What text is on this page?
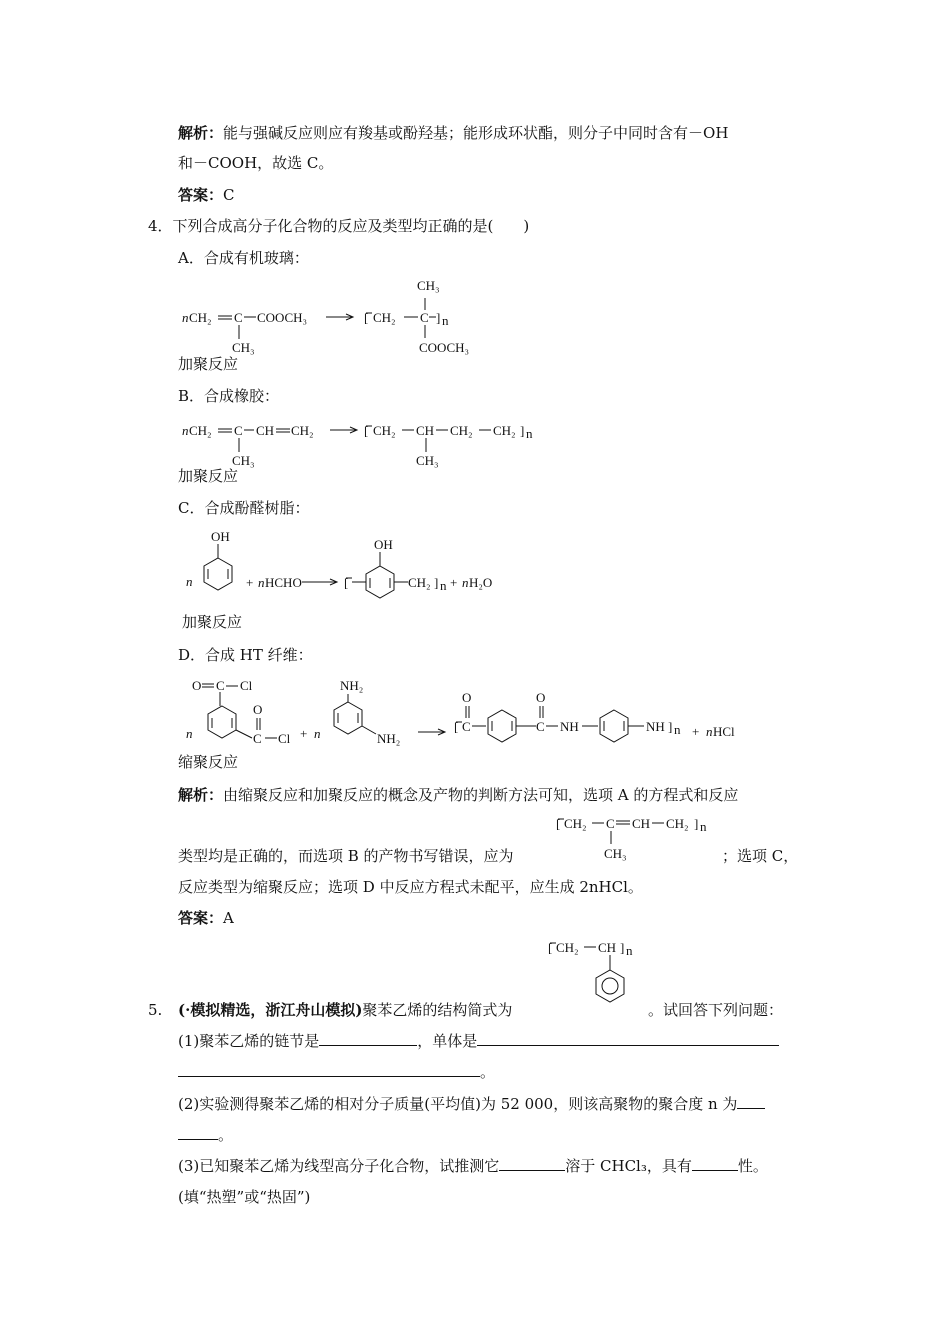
解析：能与强碱反应则应有羧基或酚羟基；能形成环状酯，则分子中同时含有－OH
和－COOH，故选 C。
答案：C
4．下列合成高分子化合物的反应及类型均正确的是(　　)
A．合成有机玻璃：
n CH₂ C COOCH₃
CH₃
[ CH₂ C ] n
CH₃
COOCH₃
加聚反应
B．合成橡胶：
n CH₂ C CH CH₂
CH₃
[ CH₂ CH CH₂ CH₂ ] n
CH₃
加聚反应
C．合成酚醛树脂：
n
OH
+ n HCHO	[
OH
CH₂ ] n + n H₂O
加聚反应
D．合成 HT 纤维：
O C Cl
n	C
O
Cl + n
NH₂
NH₂
[ C
O
C
O
NH	NH ] n + n HCl
缩聚反应
解析：由缩聚反应和加聚反应的概念及产物的判断方法可知，选项 A 的方程式和反应
[ CH₂ C CH CH₂ ] n
CH₃
类型均是正确的，而选项 B 的产物书写错误，应为	；选项 C，
反应类型为缩聚反应；选项 D 中反应方程式未配平，应生成 2nHCl。
答案：A
[ CH₂ CH ] n
5. (·模拟精选，浙江舟山模拟)聚苯乙烯的结构简式为	。试回答下列问题：
(1)聚苯乙烯的链节是	，单体是
。
(2)实验测得聚苯乙烯的相对分子质量(平均值)为 52 000，则该高聚物的聚合度 n 为
。
(3)已知聚苯乙烯为线型高分子化合物，试推测它	溶于 CHCl₃，具有	性。
(填“热塑”或“热固”)
